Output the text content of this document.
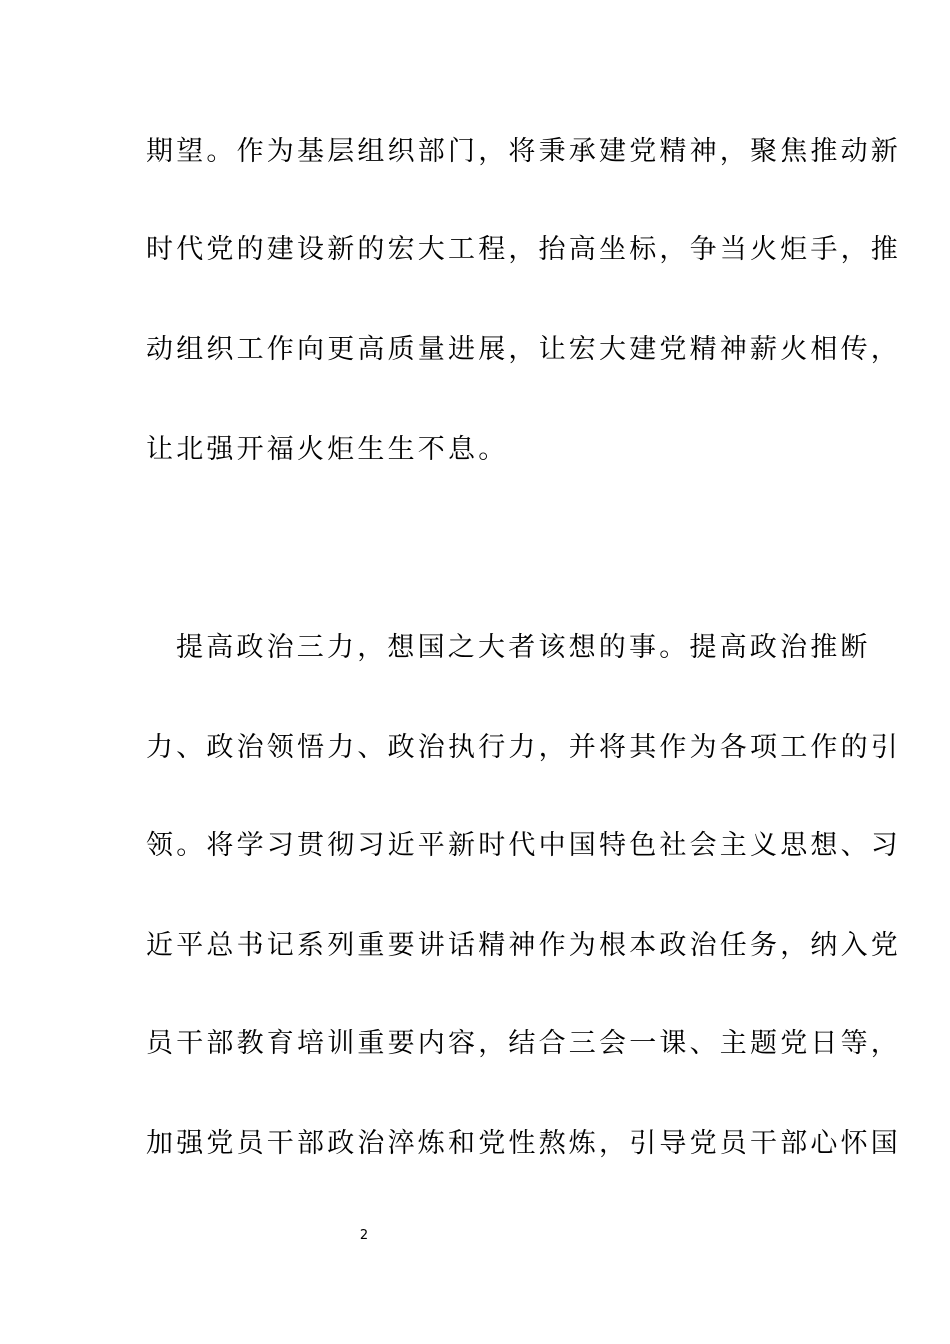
期望。作为基层组织部门，将秉承建党精神，聚焦推动新
时代党的建设新的宏大工程，抬高坐标，争当火炬手，推
动组织工作向更高质量进展，让宏大建党精神薪火相传，
让北强开福火炬生生不息。
提高政治三力，想国之大者该想的事。提高政治推断
力、政治领悟力、政治执行力，并将其作为各项工作的引
领。将学习贯彻习近平新时代中国特色社会主义思想、习
近平总书记系列重要讲话精神作为根本政治任务，纳入党
员干部教育培训重要内容，结合三会一课、主题党日等，
加强党员干部政治淬炼和党性熬炼，引导党员干部心怀国
2
